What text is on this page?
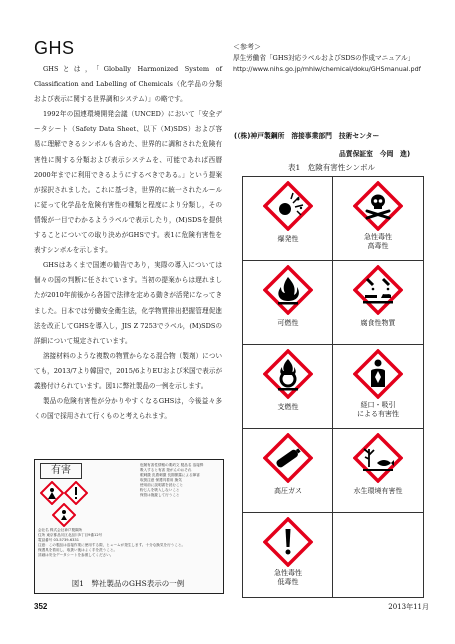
GHS

GHSとは，「Globally Harmonized System of Classification and Labelling of Chemicals（化学品の分類および表示に関する世界調和システム）」の略です。

1992年の国連環境開発会議（UNCED）において「安全データシート（Safety Data Sheet、以下（M)SDS）および容易に理解できるシンボルも含めた、世界的に調和された危険有害性に関する分類および表示システムを、可能であれば西暦2000年までに利用できるようにするべきである。」という提案が採択されました。これに基づき，世界的に統一されたルールに従って化学品を危険有害性の種類と程度により分類し，その情報が一目でわかるようラベルで表示したり，(M)SDSを提供することについての取り決めがGHSです。表1に危険有害性を表すシンボルを示します。

GHSはあくまで国連の勧告であり，実際の導入については個々の国の判断に任されています。当初の提案からは遅れましたが2010年前後から各国で法律を定める動きが活発になってきました。日本では労働安全衛生法，化学物質排出把握管理促進法を改正してGHSを導入し，JIS Z 7253でラベル，(M)SDSの詳細について規定されています。

溶接材料のような複数の物質からなる混合物（製剤）についても，2013/7より韓国で，2015/6よりEUおよび米国で表示が義務付けられています。図1に弊社製品の一例を示します。

製品の危険有害性が分かりやすくなるGHSは，今後益々多くの国で採用されて行くものと考えられます。

有害	危険有害性情報の要約文 製品名 溶接棒
吸入すると有害 発がんのおそれ
眼刺激 皮膚刺激 長期暴露による障害
取扱注意 保護具着用 換気
使用前に説明書を読むこと
粉じんを吸入しないこと
保管は施錠して行うこと
会社名 株式会社神戸製鋼所
住所 東京都品川区北品川5丁目9番12号
電話番号 03-5739-6331
注意：この製品は溶接作業に使用する際，ヒュームが発生します。十分な換気を行うこと。
保護具を着用し，取扱い後はよく手を洗うこと。
詳細は安全データシートを参照してください。
図1　弊社製品のGHS表示の一例
＜参考＞
厚生労働省「GHS対応ラベルおよびSDSの作成マニュアル」
http://www.nihs.go.jp/mhlw/chemical/doku/GHSmanual.pdf
(（株)神戸製鋼所　溶接事業部門　技術センター
品質保証室　今岡　進)
表1　危険有害性シンボル
爆発性	急性毒性
高毒性
可燃性	腐食性物質
支燃性	経口・吸引
による有害性
高圧ガス	水生環境有害性
急性毒性
低毒性
352	2013年11月
